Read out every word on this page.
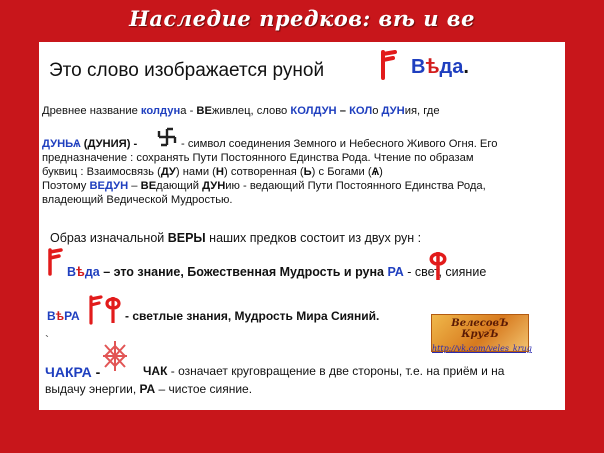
Наследие предков: вѣ и ве
Это слово изображается руной	Вѣда.
Древнее название колдуна - ВЕживлец, слово КОЛДУН – КОЛо ДУНия, где
ДУНЬѦ (ДУНИЯ) -	- символ соединения Земного и Небесного Живого Огня. Его
предназначение : сохранять Пути Постоянного Единства Рода. Чтение по образам
буквиц : Взаимосвязь (ДУ) нами (Н) сотворенная (Ь) с Богами (Ѧ)
Поэтому ВЕДУН – ВЕдающий ДУНию - ведающий Пути Постоянного Единства Рода,
владеющий Ведической Мудростью.
Образ изначальной ВЕРЫ наших предков состоит из двух рун :
Вѣда – это знание, Божественная Мудрость и руна РА - свет, сияние
ВѣРА	- светлые знания, Мудрость Мира Сияний.
ВелесовЪ КругЪ
http://vk.com/veles_krug
`
ЧАКРА -	ЧАК - означает круговращение в две стороны, т.е. на приём и на
выдачу энергии, РА – чистое сияние.
